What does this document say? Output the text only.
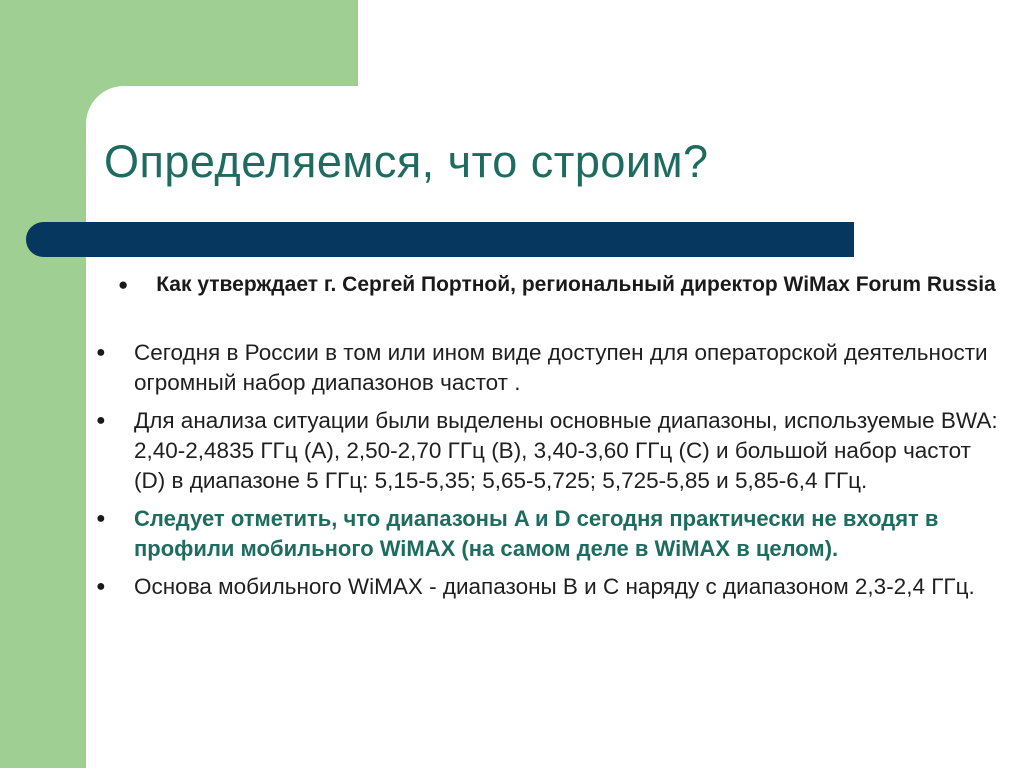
Определяемся, что строим?
● Как утверждает г. Сергей Портной, региональный директор WiMax Forum Russia

● Сегодня в России в том или ином виде доступен для операторской деятельности огромный набор диапазонов частот .

● Для анализа ситуации были выделены основные диапазоны, используемые BWA: 2,40-2,4835 ГГц (A), 2,50-2,70 ГГц (B), 3,40-3,60 ГГц (C) и большой набор частот (D) в диапазоне 5 ГГц: 5,15-5,35; 5,65-5,725; 5,725-5,85 и 5,85-6,4 ГГц.

● Следует отметить, что диапазоны A и D сегодня практически не входят в профили мобильного WiMAX (на самом деле в WiMAX в целом).

● Основа мобильного WiMAX - диапазоны B и C наряду с диапазоном 2,3-2,4 ГГц.
